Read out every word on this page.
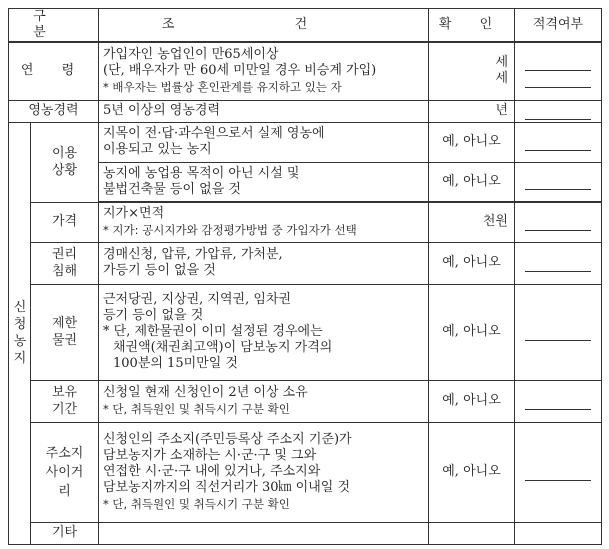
구 분		조 건	확 인	적격여부
연 령		가입자인 농업인이 만65세이상
(단, 배우자가 만 60세 미만일 경우 비승계 가입)
* 배우자는 법률상 혼인관계를 유지하고 있는 자	세
세	

영농경력		5년 이상의 영농경력	년	

신청농지	이용상황	지목이 전·답·과수원으로서 실제 영농에
이용되고 있는 농지	예, 아니오	

		농지에 농업용 목적이 아닌 시설 및
불법건축물 등이 없을 것	예, 아니오	

	가격	지가×면적
* 지가: 공시지가와 감정평가방법 중 가입자가 선택	천원	

	권리침해	경매신청, 압류, 가압류, 가처분,
가등기 등이 없을 것	예, 아니오	

	제한물권	근저당권, 지상권, 지역권, 임차권
등기 등이 없을 것
* 단, 제한물권이 이미 설정된 경우에는
채권액(채권최고액)이 담보농지 가격의
100분의 15미만일 것	예, 아니오	

	보유기간	신청일 현재 신청인이 2년 이상 소유
* 단, 취득원인 및 취득시기 구분 확인	예, 아니오	

	주소지사이거리	신청인의 주소지(주민등록상 주소지 기준)가
담보농지가 소재하는 시·군·구 및 그와
연접한 시·군·구 내에 있거나, 주소지와
담보농지까지의 직선거리가 30㎞ 이내일 것
* 단, 취득원인 및 취득시기 구분 확인	예, 아니오	

	기타			
